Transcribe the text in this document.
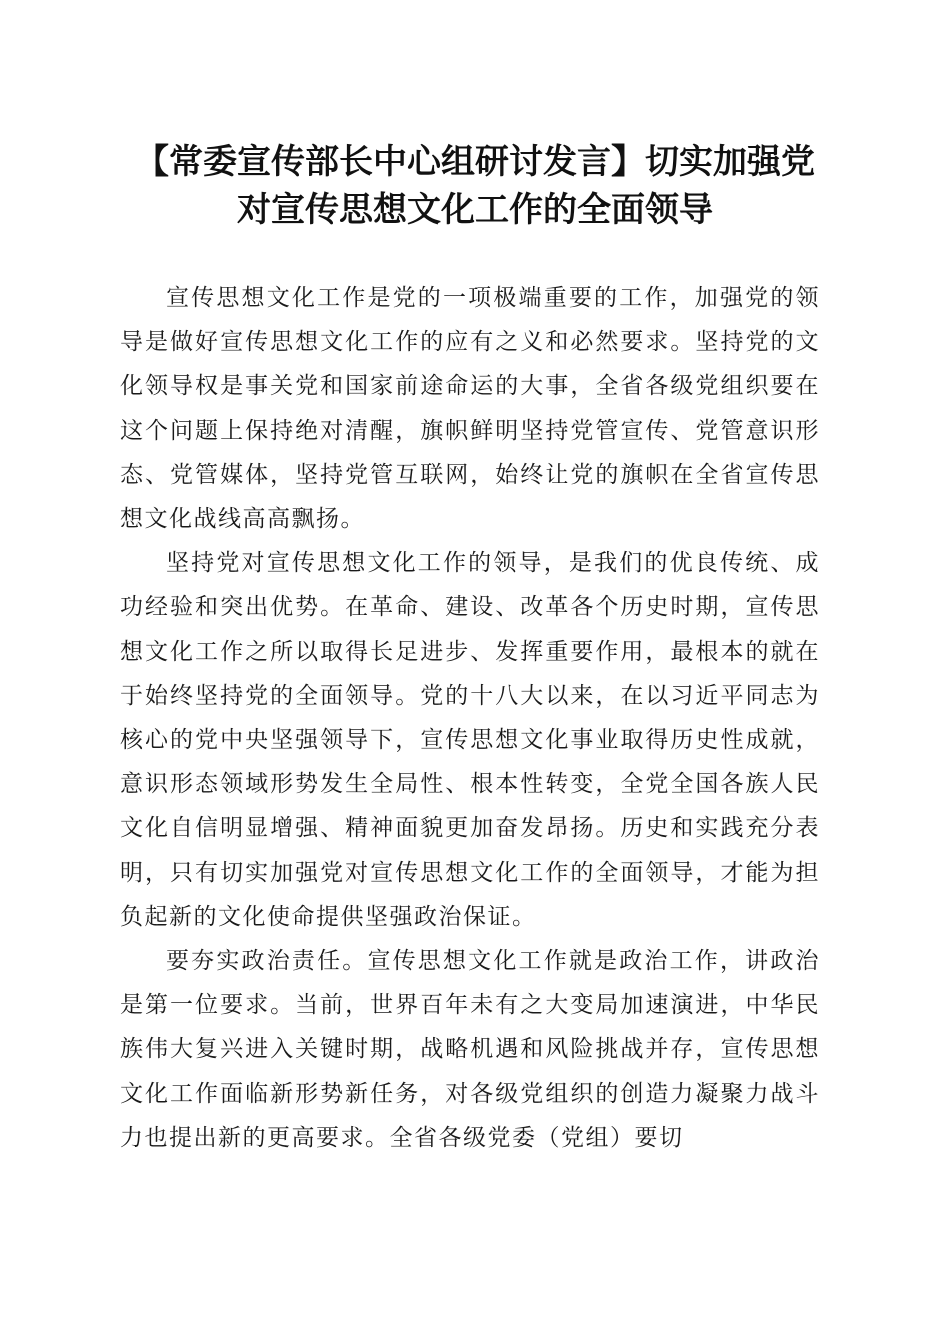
【常委宣传部长中心组研讨发言】切实加强党
对宣传思想文化工作的全面领导

宣传思想文化工作是党的一项极端重要的工作，加强党的领导是做好宣传思想文化工作的应有之义和必然要求。坚持党的文化领导权是事关党和国家前途命运的大事，全省各级党组织要在这个问题上保持绝对清醒，旗帜鲜明坚持党管宣传、党管意识形态、党管媒体，坚持党管互联网，始终让党的旗帜在全省宣传思想文化战线高高飘扬。

坚持党对宣传思想文化工作的领导，是我们的优良传统、成功经验和突出优势。在革命、建设、改革各个历史时期，宣传思想文化工作之所以取得长足进步、发挥重要作用，最根本的就在于始终坚持党的全面领导。党的十八大以来，在以习近平同志为核心的党中央坚强领导下，宣传思想文化事业取得历史性成就，意识形态领域形势发生全局性、根本性转变，全党全国各族人民文化自信明显增强、精神面貌更加奋发昂扬。历史和实践充分表明，只有切实加强党对宣传思想文化工作的全面领导，才能为担负起新的文化使命提供坚强政治保证。

要夯实政治责任。宣传思想文化工作就是政治工作，讲政治是第一位要求。当前，世界百年未有之大变局加速演进，中华民族伟大复兴进入关键时期，战略机遇和风险挑战并存，宣传思想文化工作面临新形势新任务，对各级党组织的创造力凝聚力战斗力也提出新的更高要求。全省各级党委（党组）要切
